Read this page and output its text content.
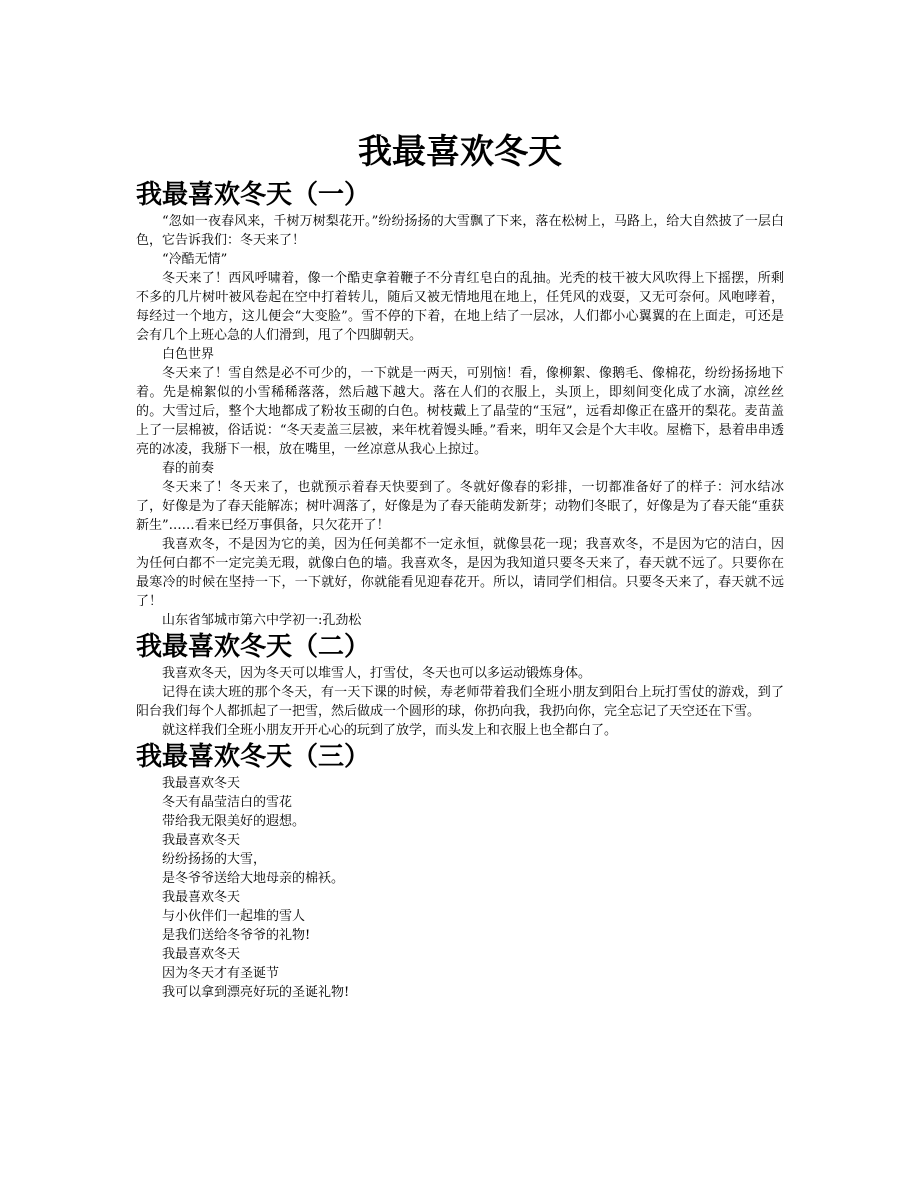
我最喜欢冬天
我最喜欢冬天（一）

“忽如一夜春风来，千树万树梨花开。”纷纷扬扬的大雪飘了下来，落在松树上，马路上，给大自然披了一层白色，它告诉我们：冬天来了！

“冷酷无情”

冬天来了！西风呼啸着，像一个酷吏拿着鞭子不分青红皂白的乱抽。光秃的枝干被大风吹得上下摇摆，所剩不多的几片树叶被风卷起在空中打着转儿，随后又被无情地甩在地上，任凭风的戏耍，又无可奈何。风咆哮着，每经过一个地方，这儿便会“大变脸”。雪不停的下着，在地上结了一层冰，人们都小心翼翼的在上面走，可还是会有几个上班心急的人们滑到，甩了个四脚朝天。

白色世界

冬天来了！雪自然是必不可少的，一下就是一两天，可别恼！看，像柳絮、像鹅毛、像棉花，纷纷扬扬地下着。先是棉絮似的小雪稀稀落落，然后越下越大。落在人们的衣服上，头顶上，即刻间变化成了水滴，凉丝丝的。大雪过后，整个大地都成了粉妆玉砌的白色。树枝戴上了晶莹的“玉冠”，远看却像正在盛开的梨花。麦苗盖上了一层棉被，俗话说：“冬天麦盖三层被，来年枕着馒头睡。”看来，明年又会是个大丰收。屋檐下，悬着串串透亮的冰凌，我掰下一根，放在嘴里，一丝凉意从我心上掠过。

春的前奏

冬天来了！冬天来了，也就预示着春天快要到了。冬就好像春的彩排，一切都准备好了的样子：河水结冰了，好像是为了春天能解冻；树叶凋落了，好像是为了春天能萌发新芽；动物们冬眠了，好像是为了春天能“重获新生”……看来已经万事俱备，只欠花开了！

我喜欢冬，不是因为它的美，因为任何美都不一定永恒，就像昙花一现；我喜欢冬，不是因为它的洁白，因为任何白都不一定完美无瑕，就像白色的墙。我喜欢冬，是因为我知道只要冬天来了，春天就不远了。只要你在最寒冷的时候在坚持一下，一下就好，你就能看见迎春花开。所以，请同学们相信。只要冬天来了，春天就不远了！

山东省邹城市第六中学初一:孔劲松

我最喜欢冬天（二）

我喜欢冬天，因为冬天可以堆雪人，打雪仗，冬天也可以多运动锻炼身体。

记得在读大班的那个冬天，有一天下课的时候，寿老师带着我们全班小朋友到阳台上玩打雪仗的游戏，到了阳台我们每个人都抓起了一把雪，然后做成一个圆形的球，你扔向我，我扔向你，完全忘记了天空还在下雪。

就这样我们全班小朋友开开心心的玩到了放学，而头发上和衣服上也全都白了。

我最喜欢冬天（三）

我最喜欢冬天

冬天有晶莹洁白的雪花

带给我无限美好的遐想。

我最喜欢冬天

纷纷扬扬的大雪，

是冬爷爷送给大地母亲的棉袄。

我最喜欢冬天

与小伙伴们一起堆的雪人

是我们送给冬爷爷的礼物!

我最喜欢冬天

因为冬天才有圣诞节

我可以拿到漂亮好玩的圣诞礼物!
